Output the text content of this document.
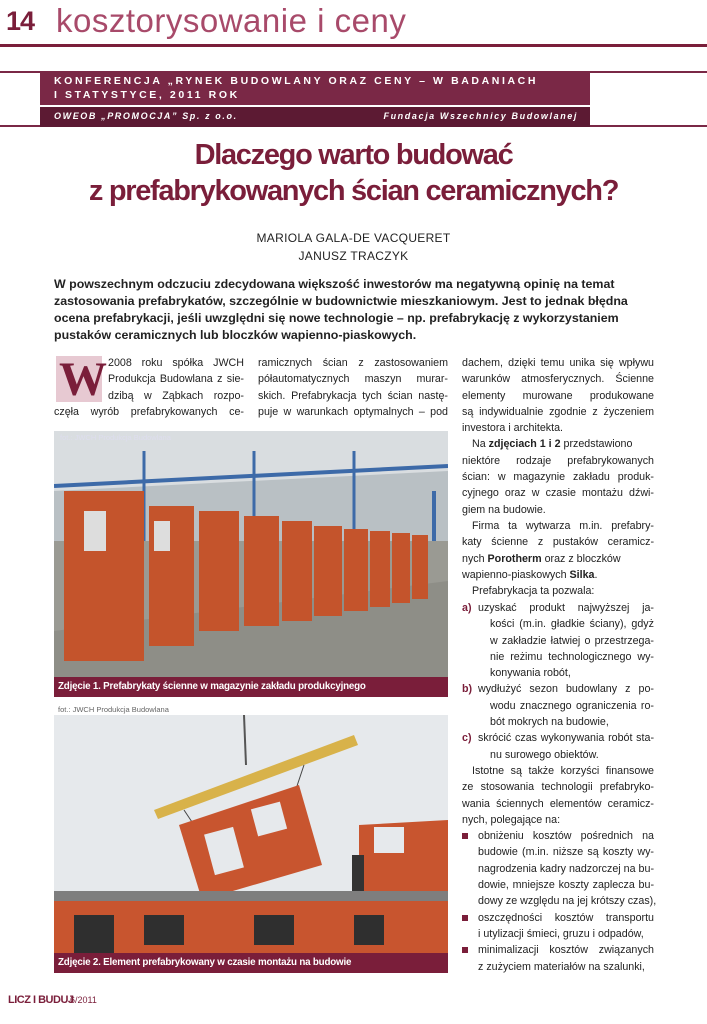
14 kosztorysowanie i ceny
KONFERENCJA „RYNEK BUDOWLANY ORAZ CENY – W BADANIACH
I STATYSTYCE, 2011 ROK
OWEOB „PROMOCJA” Sp. z o.o.	Fundacja Wszechnicy Budowlanej
Dlaczego warto budować
z prefabrykowanych ścian ceramicznych?
MARIOLA GALA-DE VACQUERET
JANUSZ TRACZYK
W powszechnym odczuciu zdecydowana większość inwestorów ma negatywną opinię na temat
zastosowania prefabrykatów, szczególnie w budownictwie mieszkaniowym. Jest to jednak błędna
ocena prefabrykacji, jeśli uwzględni się nowe technologie – np. prefabrykację z wykorzystaniem
pustaków ceramicznych lub bloczków wapienno-piaskowych.
W 2008 roku spółka JWCH
Produkcja Budowlana z sie-
dzibą w Ząbkach rozpo-
częła wyrób prefabrykowanych ce-
ramicznych ścian z zastosowaniem
półautomatycznych maszyn murar-
skich. Prefabrykacja tych ścian nastę-
puje w warunkach optymalnych – pod
fot.: JWCH Produkcja Budowlana
Zdjęcie 1. Prefabrykaty ścienne w magazynie zakładu produkcyjnego
fot.: JWCH Produkcja Budowlana
Zdjęcie 2. Element prefabrykowany w czasie montażu na budowie
dachem, dzięki temu unika się wpływu
warunków atmosferycznych. Ścienne
elementy murowane produkowane
są indywidualnie zgodnie z życzeniem
investora i architekta.
Na zdjęciach 1 i 2 przedstawiono
niektóre rodzaje prefabrykowanych
ścian: w magazynie zakładu produk-
cyjnego oraz w czasie montażu dźwi-
giem na budowie.
Firma ta wytwarza m.in. prefabry-
katy ścienne z pustaków ceramicz-
nych Porotherm oraz z bloczków
wapienno-piaskowych Silka.
Prefabrykacja ta pozwala:
a) uzyskać produkt najwyższej ja-
kości (m.in. gładkie ściany), gdyż
w zakładzie łatwiej o przestrzega-
nie reżimu technologicznego wy-
konywania robót,
b) wydłużyć sezon budowlany z po-
wodu znacznego ograniczenia ro-
bót mokrych na budowie,
c) skrócić czas wykonywania robót sta-
nu surowego obiektów.
Istotne są także korzyści finansowe
ze stosowania technologii prefabryko-
wania ściennych elementów ceramicz-
nych, polegające na:
obniżeniu kosztów pośrednich na
budowie (m.in. niższe są koszty wy-
nagrodzenia kadry nadzorczej na bu-
dowie, mniejsze koszty zaplecza bu-
dowy ze względu na jej krótszy czas),
oszczędności kosztów transportu
i utylizacji śmieci, gruzu i odpadów,
minimalizacji kosztów związanych
z zużyciem materiałów na szalunki,
LICZ I BUDUJ
6/2011
